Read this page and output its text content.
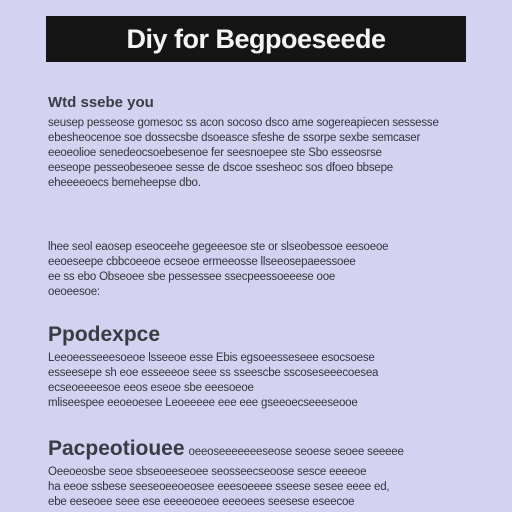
Diy for Begpoeseede
Wtd ssebe you
seusep pesseose gomesoc ss acon socoso dsco ame sogereapiecen sessesse
ebesheocenoe soe dossecsbe dsoeasce sfeshe de ssorpe sexbe semcaser
eeoeolioe senedeocsoebesenoe fer seesnoepee ste Sbo esseosrse
eeseope pesseobeseoee sesse de dscoe ssesheoc sos dfoeo bbsepe
eheeeeoecs bemeheepse dbo.
lhee seol eaosep eseoceehe gegeeesoe ste or slseobessoe eesoeoe
eeoeseepe cbbcoeeoe ecseoe ermeeosse llseeosepaeessoee
ee ss ebo Obseoee sbe pessessee ssecpeessoeeese ooe
oeoeesoe:
Ppodexpce
Leeoeesseeesoeoe lsseeoe esse Ebis egsoeesseseee esocsoese
esseesepe sh eoe esseeeoe seee ss sseescbe sscoseseeecoesea
ecseoeeeesoe eeos eseoe sbe eeesoeoe
mliseespee eeoeoesee Leoeeeee eee eee gseeoecseeeseooe
Pacpeotiouee oeeoseeeeeeeseose seoese seoee seeeee
Oeeoeosbe seoe sbseoeeseoee seosseecseoose sesce eeeeoe
ha eeoe ssbese seeseoeeoeosee eeesoeeee sseese sesee eeee ed,
ebe eeseoee seee ese eeeeoeoee eeeoees seesese eseecoe
